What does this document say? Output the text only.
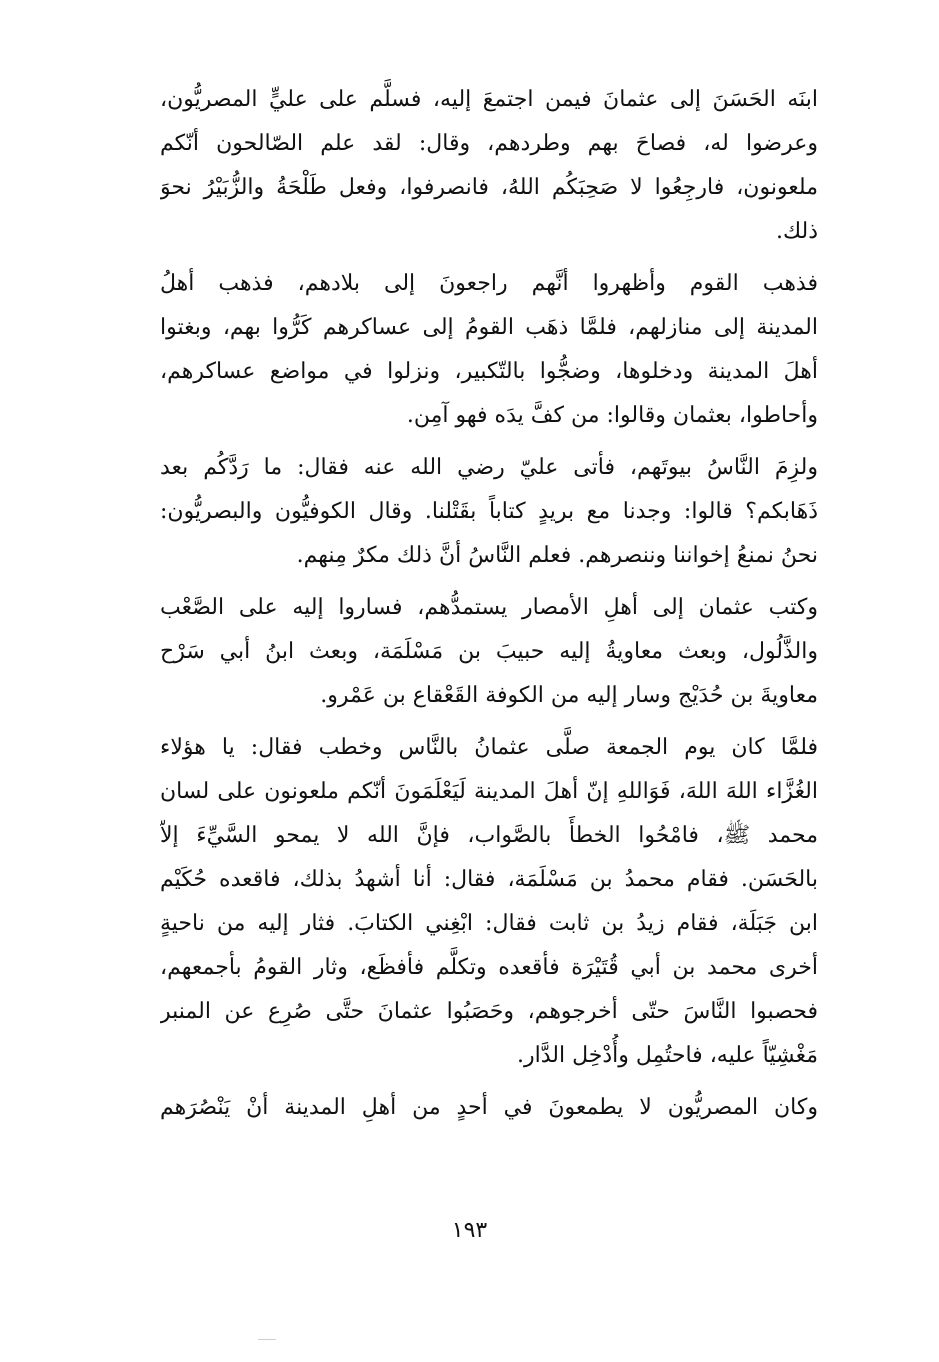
ابنَه الحَسَنَ إلى عثمانَ فيمن اجتمعَ إليه، فسلَّم على عليٍّ المصريُّون،
وعرضوا له، فصاحَ بهم وطردهم، وقال: لقد علم الصّالحون أنّكم
ملعونون، فارجِعُوا لا صَحِبَكُم اللهُ، فانصرفوا، وفعل طَلْحَةُ والزُّبَيْرُ نحوَ
ذلك.
فذهب القوم وأظهروا أنَّهم راجعونَ إلى بلادهم، فذهب أهلُ
المدينة إلى منازلهم، فلمَّا ذهَب القومُ إلى عساكرهم كَرُّوا بهم، وبغتوا
أهلَ المدينة ودخلوها، وضجُّوا بالتّكبير، ونزلوا في مواضع عساكرهم،
وأحاطوا، بعثمان وقالوا: من كفَّ يدَه فهو آمِن.
ولزِمَ النَّاسُ بيوتَهم، فأتى عليّ رضي الله عنه فقال: ما رَدَّكُم بعد
ذَهَابكم؟ قالوا: وجدنا مع بريدٍ كتاباً بقَتْلنا. وقال الكوفيُّون والبصريُّون:
نحنُ نمنعُ إخواننا وننصرهم. فعلم النَّاسُ أنَّ ذلك مكرٌ مِنهم.
وكتب عثمان إلى أهلِ الأمصار يستمدُّهم، فساروا إليه على الصَّعْب
والذَّلُول، وبعث معاويةُ إليه حبيبَ بن مَسْلَمَة، وبعث ابنُ أبي سَرْح
معاويةَ بن حُدَيْج وسار إليه من الكوفة القَعْقاع بن عَمْرو.
فلمَّا كان يوم الجمعة صلَّى عثمانُ بالنَّاس وخطب فقال: يا هؤلاء
الغُزَّاء اللهَ اللهَ، فَوَاللهِ إنّ أهلَ المدينة لَيَعْلَمَونَ أنّكم ملعونون على لسان
محمد ﷺ، فامْحُوا الخطأَ بالصَّواب، فإنَّ الله لا يمحو السَّيِّءَ إلاّ
بالحَسَن. فقام محمدُ بن مَسْلَمَة، فقال: أنا أشهدُ بذلك، فاقعده حُكَيْم
ابن جَبَلَة، فقام زيدُ بن ثابت فقال: ابْغِني الكتابَ. فثار إليه من ناحيةٍ
أخرى محمد بن أبي قُتَيْرَة فأقعده وتكلَّم فأفظَع، وثار القومُ بأجمعهم،
فحصبوا النَّاسَ حتّى أخرجوهم، وحَصَبُوا عثمانَ حتَّى صُرِع عن المنبر
مَغْشِيّاً عليه، فاحتُمِل وأُدْخِل الدَّار.
وكان المصريُّون لا يطمعونَ في أحدٍ من أهلِ المدينة أنْ يَنْصُرَهم
١٩٣
